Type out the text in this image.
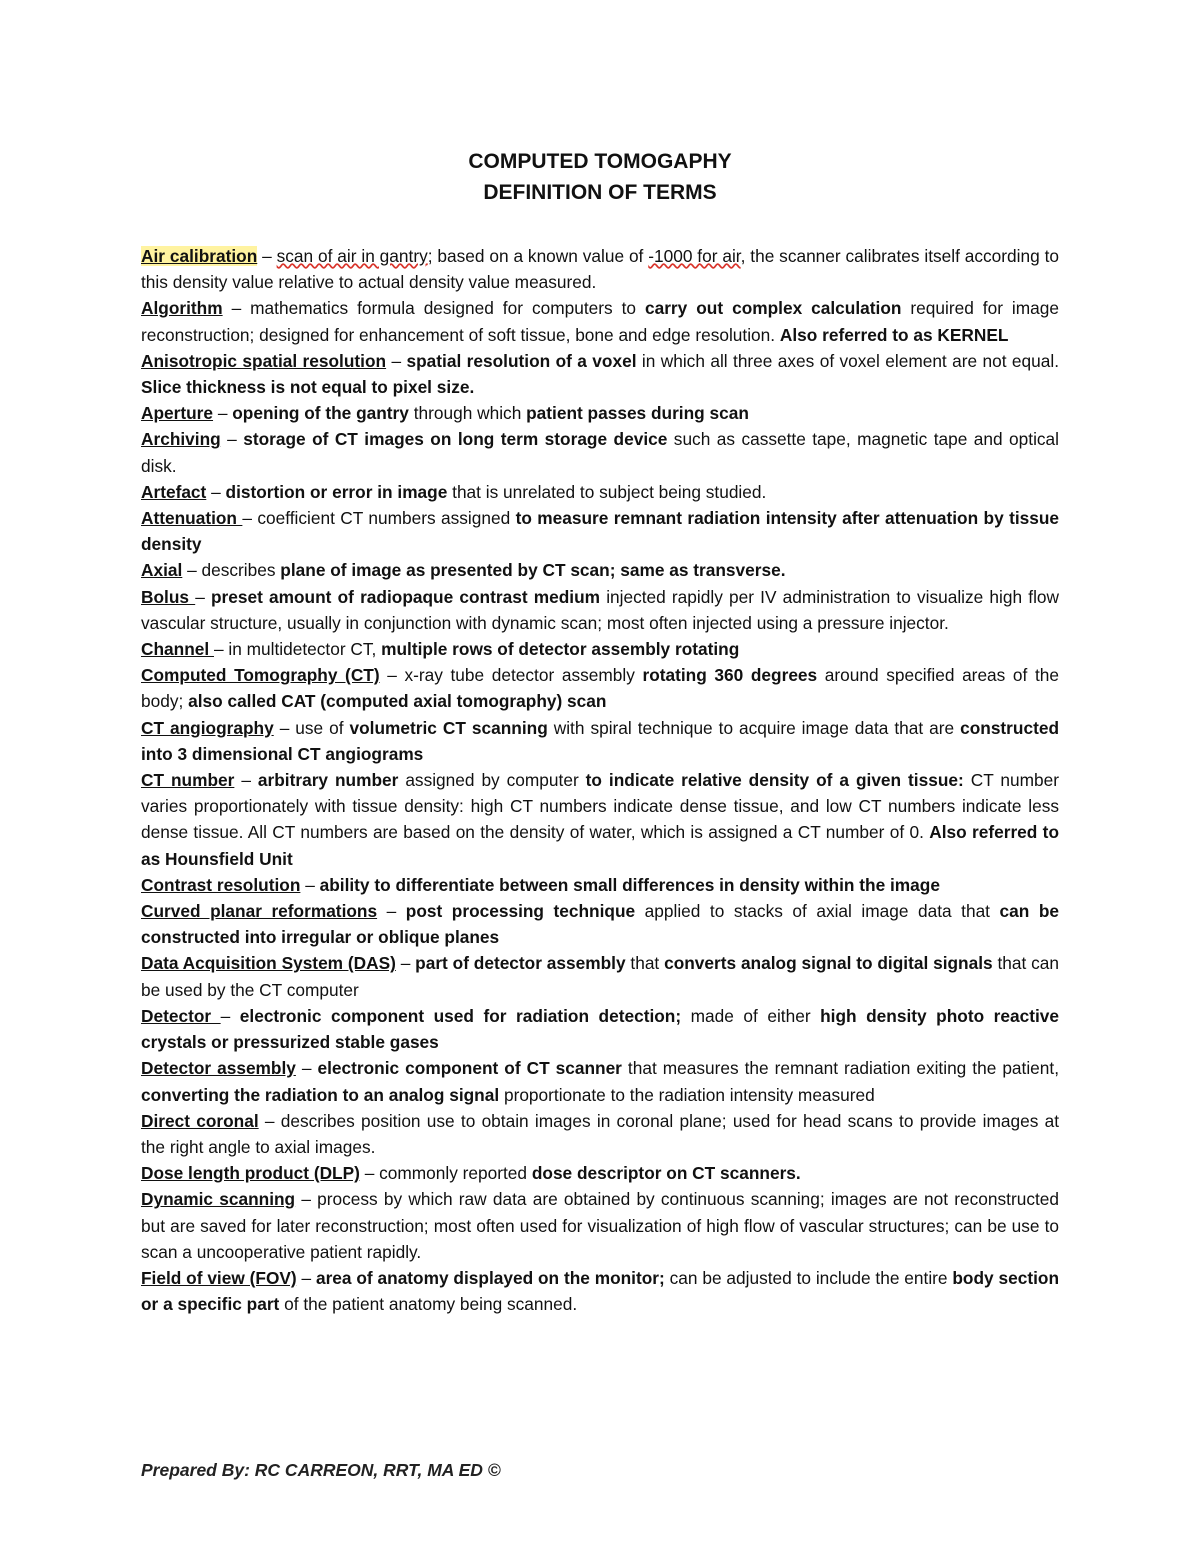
COMPUTED TOMOGAPHY
DEFINITION OF TERMS

Air calibration – scan of air in gantry; based on a known value of -1000 for air, the scanner calibrates itself according to this density value relative to actual density value measured.

Algorithm – mathematics formula designed for computers to carry out complex calculation required for image reconstruction; designed for enhancement of soft tissue, bone and edge resolution. Also referred to as KERNEL

Anisotropic spatial resolution – spatial resolution of a voxel in which all three axes of voxel element are not equal. Slice thickness is not equal to pixel size.

Aperture – opening of the gantry through which patient passes during scan

Archiving – storage of CT images on long term storage device such as cassette tape, magnetic tape and optical disk.

Artefact – distortion or error in image that is unrelated to subject being studied.

Attenuation – coefficient CT numbers assigned to measure remnant radiation intensity after attenuation by tissue density

Axial – describes plane of image as presented by CT scan; same as transverse.

Bolus – preset amount of radiopaque contrast medium injected rapidly per IV administration to visualize high flow vascular structure, usually in conjunction with dynamic scan; most often injected using a pressure injector.

Channel – in multidetector CT, multiple rows of detector assembly rotating

Computed Tomography (CT) – x-ray tube detector assembly rotating 360 degrees around specified areas of the body; also called CAT (computed axial tomography) scan

CT angiography – use of volumetric CT scanning with spiral technique to acquire image data that are constructed into 3 dimensional CT angiograms

CT number – arbitrary number assigned by computer to indicate relative density of a given tissue: CT number varies proportionately with tissue density: high CT numbers indicate dense tissue, and low CT numbers indicate less dense tissue. All CT numbers are based on the density of water, which is assigned a CT number of 0. Also referred to as Hounsfield Unit

Contrast resolution – ability to differentiate between small differences in density within the image

Curved planar reformations – post processing technique applied to stacks of axial image data that can be constructed into irregular or oblique planes

Data Acquisition System (DAS) – part of detector assembly that converts analog signal to digital signals that can be used by the CT computer

Detector – electronic component used for radiation detection; made of either high density photo reactive crystals or pressurized stable gases

Detector assembly – electronic component of CT scanner that measures the remnant radiation exiting the patient, converting the radiation to an analog signal proportionate to the radiation intensity measured

Direct coronal – describes position use to obtain images in coronal plane; used for head scans to provide images at the right angle to axial images.

Dose length product (DLP) – commonly reported dose descriptor on CT scanners.

Dynamic scanning – process by which raw data are obtained by continuous scanning; images are not reconstructed but are saved for later reconstruction; most often used for visualization of high flow of vascular structures; can be use to scan a uncooperative patient rapidly.

Field of view (FOV) – area of anatomy displayed on the monitor; can be adjusted to include the entire body section or a specific part of the patient anatomy being scanned.

Prepared By: RC CARREON, RRT, MA ED ©
